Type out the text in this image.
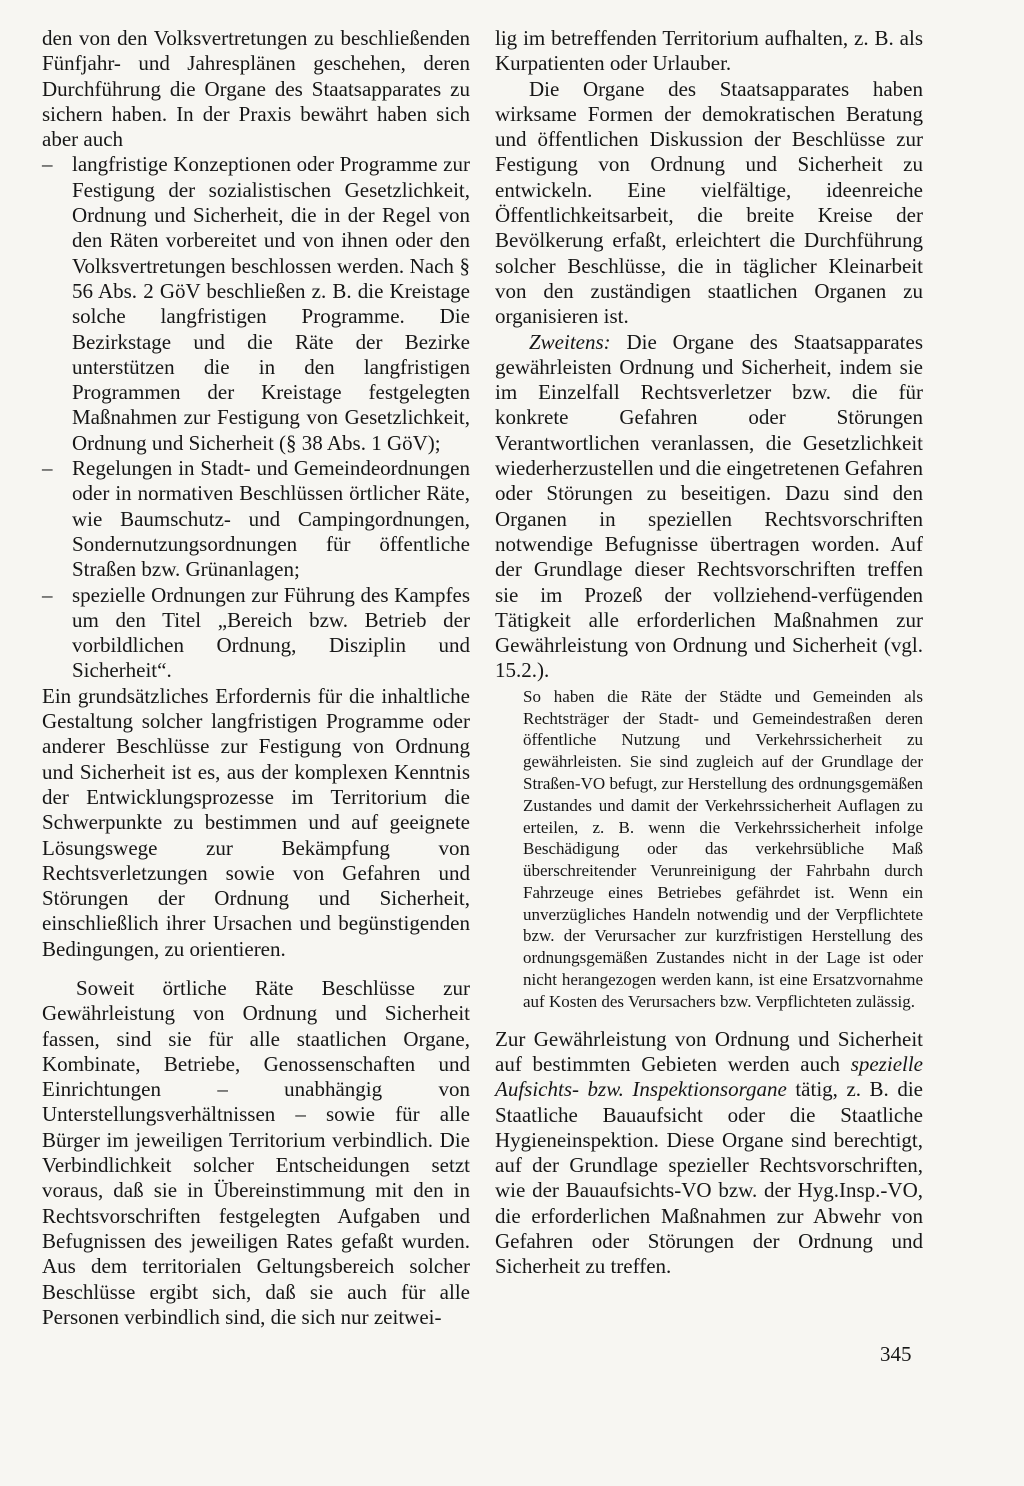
den von den Volksvertretungen zu beschließenden Fünfjahr- und Jahresplänen geschehen, deren Durchführung die Organe des Staatsapparates zu sichern haben. In der Praxis bewährt haben sich aber auch

– langfristige Konzeptionen oder Programme zur Festigung der sozialistischen Gesetzlichkeit, Ordnung und Sicherheit, die in der Regel von den Räten vorbereitet und von ihnen oder den Volksvertretungen beschlossen werden. Nach § 56 Abs. 2 GöV beschließen z. B. die Kreistage solche langfristigen Programme. Die Bezirkstage und die Räte der Bezirke unterstützen die in den langfristigen Programmen der Kreistage festgelegten Maßnahmen zur Festigung von Gesetzlichkeit, Ordnung und Sicherheit (§ 38 Abs. 1 GöV);
– Regelungen in Stadt- und Gemeindeordnungen oder in normativen Beschlüssen örtlicher Räte, wie Baumschutz- und Campingordnungen, Sondernutzungsordnungen für öffentliche Straßen bzw. Grünanlagen;
– spezielle Ordnungen zur Führung des Kampfes um den Titel „Bereich bzw. Betrieb der vorbildlichen Ordnung, Disziplin und Sicherheit“.

Ein grundsätzliches Erfordernis für die inhaltliche Gestaltung solcher langfristigen Programme oder anderer Beschlüsse zur Festigung von Ordnung und Sicherheit ist es, aus der komplexen Kenntnis der Entwicklungsprozesse im Territorium die Schwerpunkte zu bestimmen und auf geeignete Lösungswege zur Bekämpfung von Rechtsverletzungen sowie von Gefahren und Störungen der Ordnung und Sicherheit, einschließlich ihrer Ursachen und begünstigenden Bedingungen, zu orientieren.

Soweit örtliche Räte Beschlüsse zur Gewährleistung von Ordnung und Sicherheit fassen, sind sie für alle staatlichen Organe, Kombinate, Betriebe, Genossenschaften und Einrichtungen – unabhängig von Unterstellungsverhältnissen – sowie für alle Bürger im jeweiligen Territorium verbindlich. Die Verbindlichkeit solcher Entscheidungen setzt voraus, daß sie in Übereinstimmung mit den in Rechtsvorschriften festgelegten Aufgaben und Befugnissen des jeweiligen Rates gefaßt wurden. Aus dem territorialen Geltungsbereich solcher Beschlüsse ergibt sich, daß sie auch für alle Personen verbindlich sind, die sich nur zeitwei-

lig im betreffenden Territorium aufhalten, z. B. als Kurpatienten oder Urlauber.

Die Organe des Staatsapparates haben wirksame Formen der demokratischen Beratung und öffentlichen Diskussion der Beschlüsse zur Festigung von Ordnung und Sicherheit zu entwickeln. Eine vielfältige, ideenreiche Öffentlichkeitsarbeit, die breite Kreise der Bevölkerung erfaßt, erleichtert die Durchführung solcher Beschlüsse, die in täglicher Kleinarbeit von den zuständigen staatlichen Organen zu organisieren ist.

Zweitens: Die Organe des Staatsapparates gewährleisten Ordnung und Sicherheit, indem sie im Einzelfall Rechtsverletzer bzw. die für konkrete Gefahren oder Störungen Verantwortlichen veranlassen, die Gesetzlichkeit wiederherzustellen und die eingetretenen Gefahren oder Störungen zu beseitigen. Dazu sind den Organen in speziellen Rechtsvorschriften notwendige Befugnisse übertragen worden. Auf der Grundlage dieser Rechtsvorschriften treffen sie im Prozeß der vollziehend-verfügenden Tätigkeit alle erforderlichen Maßnahmen zur Gewährleistung von Ordnung und Sicherheit (vgl. 15.2.).

So haben die Räte der Städte und Gemeinden als Rechtsträger der Stadt- und Gemeindestraßen deren öffentliche Nutzung und Verkehrssicherheit zu gewährleisten. Sie sind zugleich auf der Grundlage der Straßen-VO befugt, zur Herstellung des ordnungsgemäßen Zustandes und damit der Verkehrssicherheit Auflagen zu erteilen, z. B. wenn die Verkehrssicherheit infolge Beschädigung oder das verkehrsübliche Maß überschreitender Verunreinigung der Fahrbahn durch Fahrzeuge eines Betriebes gefährdet ist. Wenn ein unverzügliches Handeln notwendig und der Verpflichtete bzw. der Verursacher zur kurzfristigen Herstellung des ordnungsgemäßen Zustandes nicht in der Lage ist oder nicht herangezogen werden kann, ist eine Ersatzvornahme auf Kosten des Verursachers bzw. Verpflichteten zulässig.

Zur Gewährleistung von Ordnung und Sicherheit auf bestimmten Gebieten werden auch spezielle Aufsichts- bzw. Inspektionsorgane tätig, z. B. die Staatliche Bauaufsicht oder die Staatliche Hygieneinspektion. Diese Organe sind berechtigt, auf der Grundlage spezieller Rechtsvorschriften, wie der Bauaufsichts-VO bzw. der Hyg.Insp.-VO, die erforderlichen Maßnahmen zur Abwehr von Gefahren oder Störungen der Ordnung und Sicherheit zu treffen.

345
